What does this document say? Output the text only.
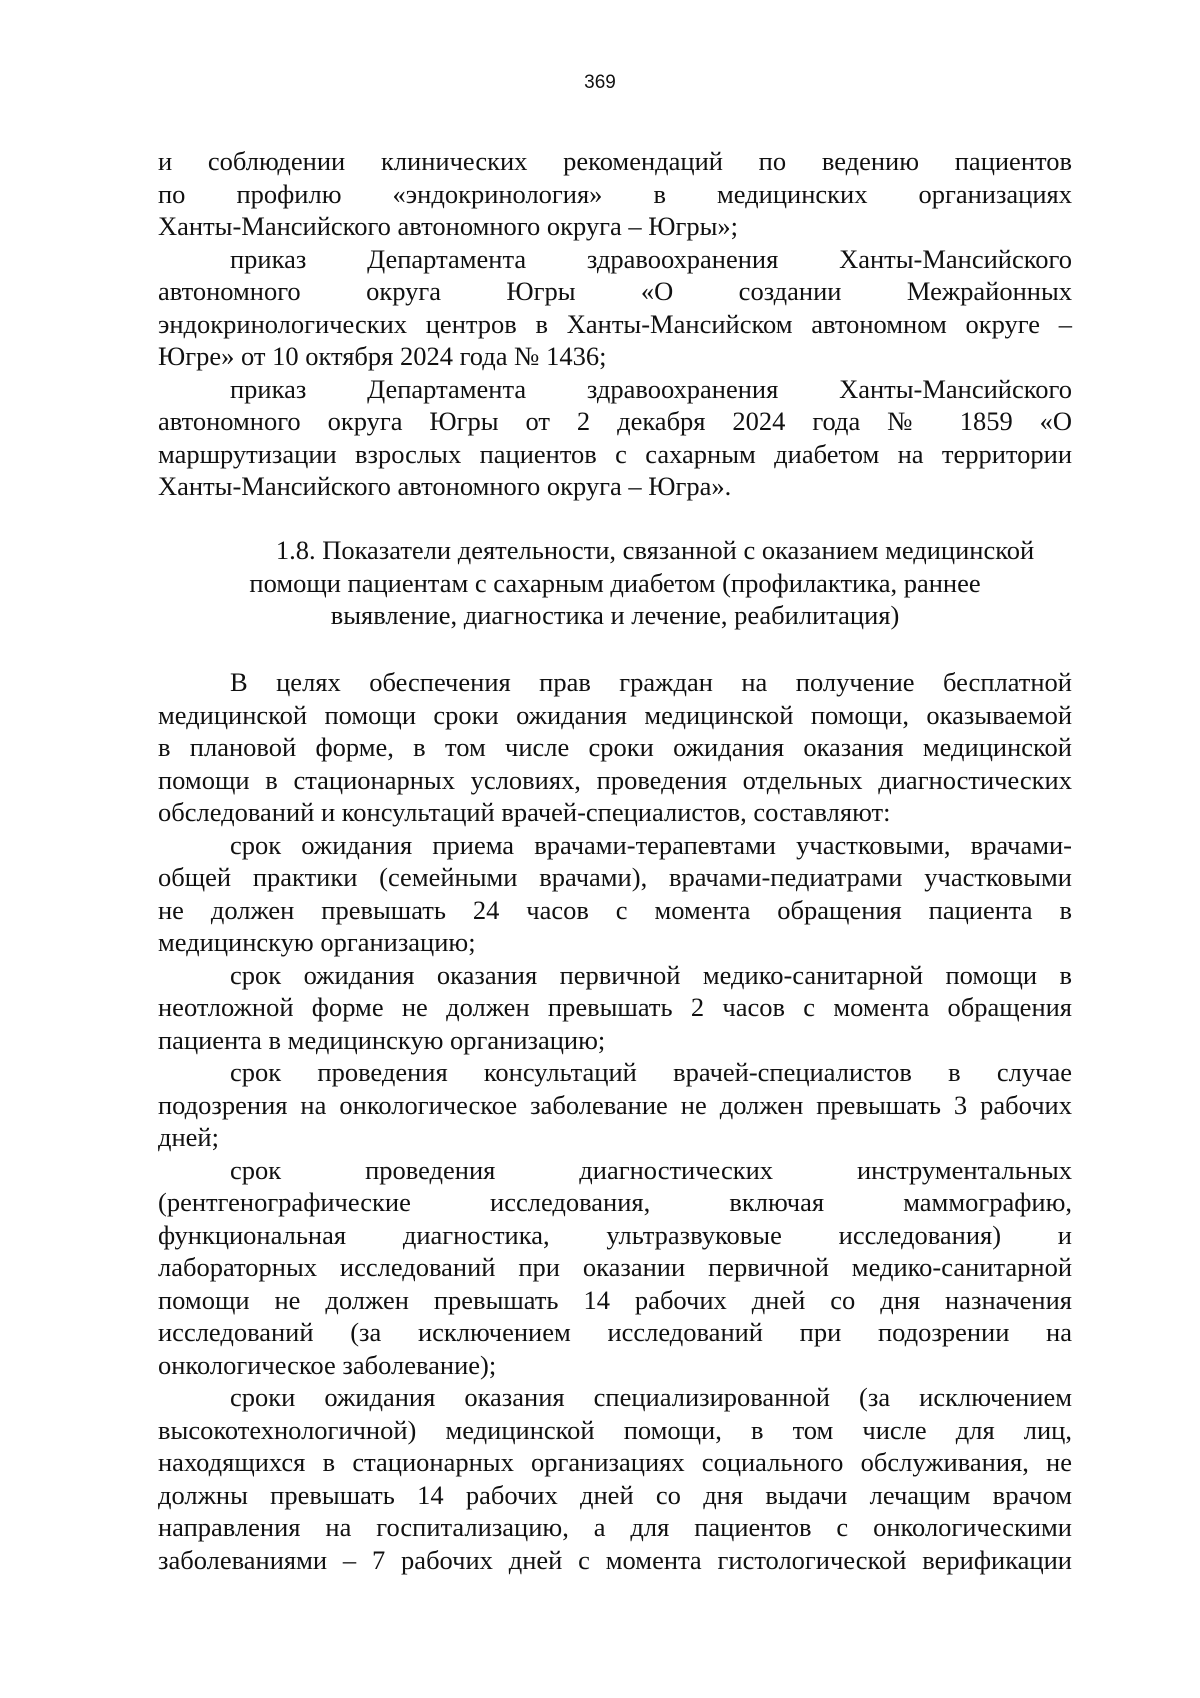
369

и соблюдении клинических рекомендаций по ведению пациентов

по профилю «эндокринология» в медицинских организациях

Ханты-Мансийского автономного округа – Югры»;

приказ Департамента здравоохранения Ханты-Мансийского

автономного округа Югры «О создании Межрайонных

эндокринологических центров в Ханты-Мансийском автономном округе –

Югре» от 10 октября 2024 года № 1436;

приказ Департамента здравоохранения Ханты-Мансийского

автономного округа Югры от 2 декабря 2024 года № 1859 «О

маршрутизации взрослых пациентов с сахарным диабетом на территории

Ханты-Мансийского автономного округа – Югра».

1.8. Показатели деятельности, связанной с оказанием медицинской
помощи пациентам с сахарным диабетом (профилактика, раннее
выявление, диагностика и лечение, реабилитация)

В целях обеспечения прав граждан на получение бесплатной

медицинской помощи сроки ожидания медицинской помощи, оказываемой

в плановой форме, в том числе сроки ожидания оказания медицинской

помощи в стационарных условиях, проведения отдельных диагностических

обследований и консультаций врачей-специалистов, составляют:

срок ожидания приема врачами-терапевтами участковыми, врачами-

общей практики (семейными врачами), врачами-педиатрами участковыми

не должен превышать 24 часов с момента обращения пациента в

медицинскую организацию;

срок ожидания оказания первичной медико-санитарной помощи в

неотложной форме не должен превышать 2 часов с момента обращения

пациента в медицинскую организацию;

срок проведения консультаций врачей-специалистов в случае

подозрения на онкологическое заболевание не должен превышать 3 рабочих

дней;

срок проведения диагностических инструментальных

(рентгенографические исследования, включая маммографию,

функциональная диагностика, ультразвуковые исследования) и

лабораторных исследований при оказании первичной медико-санитарной

помощи не должен превышать 14 рабочих дней со дня назначения

исследований (за исключением исследований при подозрении на

онкологическое заболевание);

сроки ожидания оказания специализированной (за исключением

высокотехнологичной) медицинской помощи, в том числе для лиц,

находящихся в стационарных организациях социального обслуживания, не

должны превышать 14 рабочих дней со дня выдачи лечащим врачом

направления на госпитализацию, а для пациентов с онкологическими

заболеваниями – 7 рабочих дней с момента гистологической верификации
